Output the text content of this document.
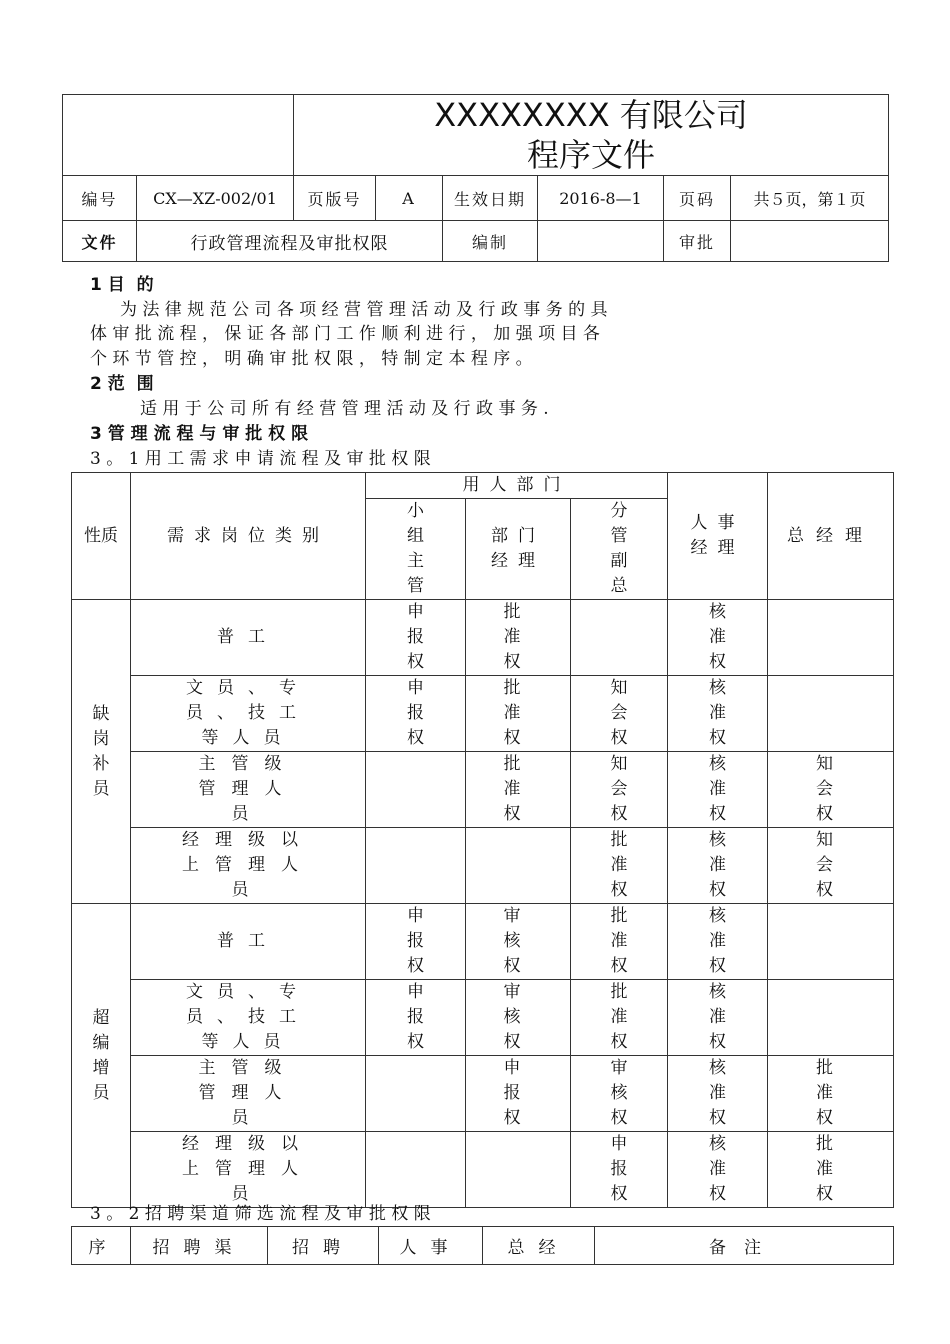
		XXXXXXXX 有限公司
程序文件					

编号	CX—XZ-002/01	页版号	A	生效日期	2016-8—1	页码	共５页，第１页
文件	行政管理流程及审批权限			编制		审批	
1 目  的
为 法 律 规 范 公 司 各 项 经 营 管 理 活 动 及 行 政 事 务 的 具
体 审 批 流 程 ， 保 证 各 部 门 工 作 顺 利 进 行 ， 加 强 项 目 各
个 环 节 管 控 ， 明 确 审 批 权 限 ， 特 制 定 本 程 序 。
2 范  围
适 用 于 公 司 所 有 经 营 管 理 活 动 及 行 政 事 务 .
3 管 理 流 程 与 审 批 权 限
3 。 1 用 工 需 求 申 请 流 程 及 审 批 权 限
性质	需求岗位类别	用人部门			人事经理	总经理

		小组主管	部门经理	分管副总		

缺岗补员	普工	申报权	批准权		核准权	

	文员、专员、技工等人员	申报权	批准权	知会权	核准权	

	主管级管理人员		批准权	知会权	核准权	知会权

	经理级以上管理人员			批准权	核准权	知会权

超编增员	普工	申报权	审核权	批准权	核准权	

	文员、专员、技工等人员	申报权	审核权	批准权	核准权	

	主管级管理人员		申报权	审核权	核准权	批准权

	经理级以上管理人员			申报权	核准权	批准权
3 。 2 招 聘 渠 道 筛 选 流 程 及 审 批 权 限
序	招聘渠	招聘	人事	总经	备注
